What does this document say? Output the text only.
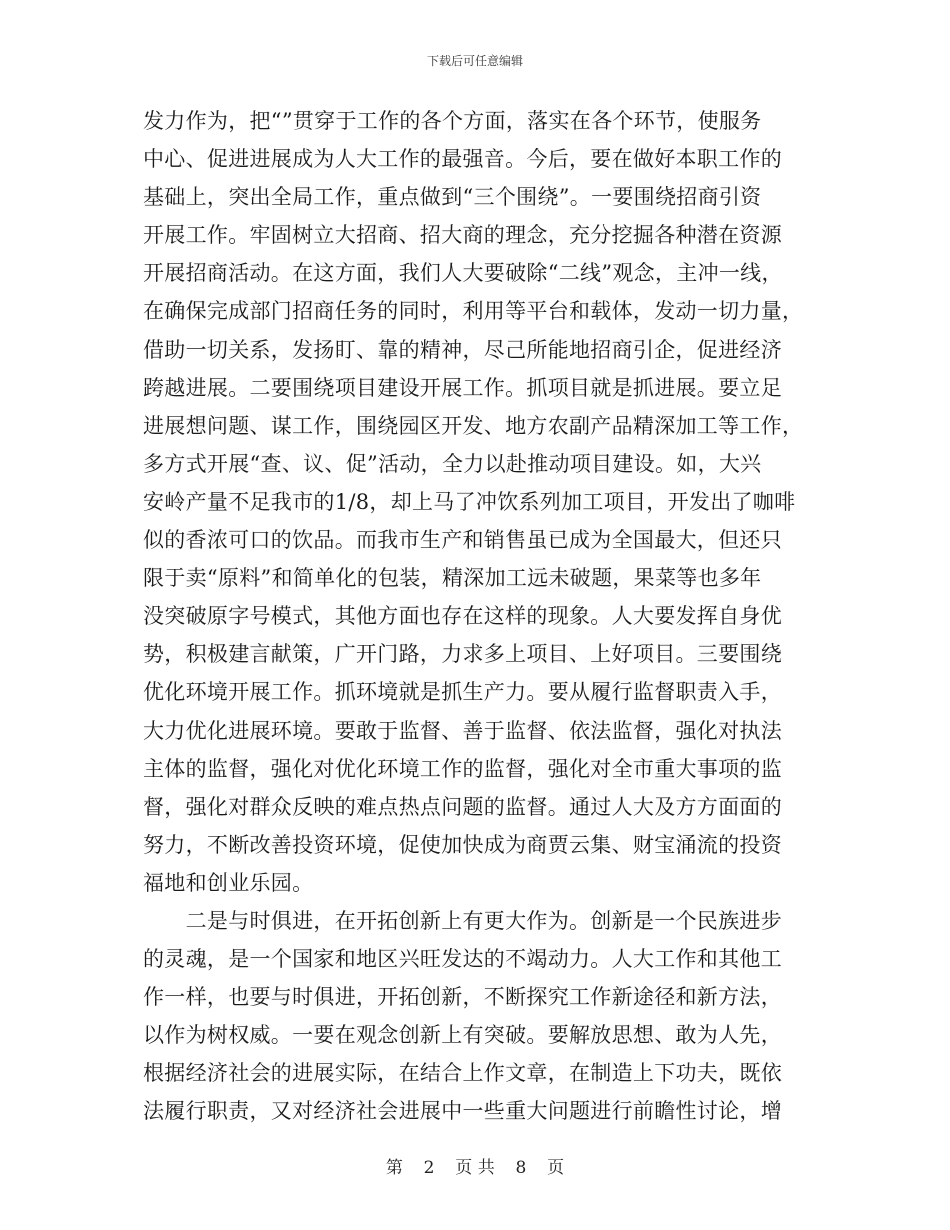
下载后可任意编辑
发力作为，把“”贯穿于工作的各个方面，落实在各个环节，使服务
中心、促进进展成为人大工作的最强音。今后，要在做好本职工作的
基础上，突出全局工作，重点做到“三个围绕”。一要围绕招商引资
开展工作。牢固树立大招商、招大商的理念，充分挖掘各种潜在资源
开展招商活动。在这方面，我们人大要破除“二线”观念，主冲一线，
在确保完成部门招商任务的同时，利用等平台和载体，发动一切力量，
借助一切关系，发扬盯、靠的精神，尽己所能地招商引企，促进经济
跨越进展。二要围绕项目建设开展工作。抓项目就是抓进展。要立足
进展想问题、谋工作，围绕园区开发、地方农副产品精深加工等工作，
多方式开展“查、议、促”活动，全力以赴推动项目建设。如，大兴
安岭产量不足我市的1/8，却上马了冲饮系列加工项目，开发出了咖啡
似的香浓可口的饮品。而我市生产和销售虽已成为全国最大，但还只
限于卖“原料”和简单化的包装，精深加工远未破题，果菜等也多年
没突破原字号模式，其他方面也存在这样的现象。人大要发挥自身优
势，积极建言献策，广开门路，力求多上项目、上好项目。三要围绕
优化环境开展工作。抓环境就是抓生产力。要从履行监督职责入手，
大力优化进展环境。要敢于监督、善于监督、依法监督，强化对执法
主体的监督，强化对优化环境工作的监督，强化对全市重大事项的监
督，强化对群众反映的难点热点问题的监督。通过人大及方方面面的
努力，不断改善投资环境，促使加快成为商贾云集、财宝涌流的投资
福地和创业乐园。
　　二是与时俱进，在开拓创新上有更大作为。创新是一个民族进步
的灵魂，是一个国家和地区兴旺发达的不竭动力。人大工作和其他工
作一样，也要与时俱进，开拓创新，不断探究工作新途径和新方法，
以作为树权威。一要在观念创新上有突破。要解放思想、敢为人先，
根据经济社会的进展实际，在结合上作文章，在制造上下功夫，既依
法履行职责，又对经济社会进展中一些重大问题进行前瞻性讨论，增
第 2 页 共 8 页
